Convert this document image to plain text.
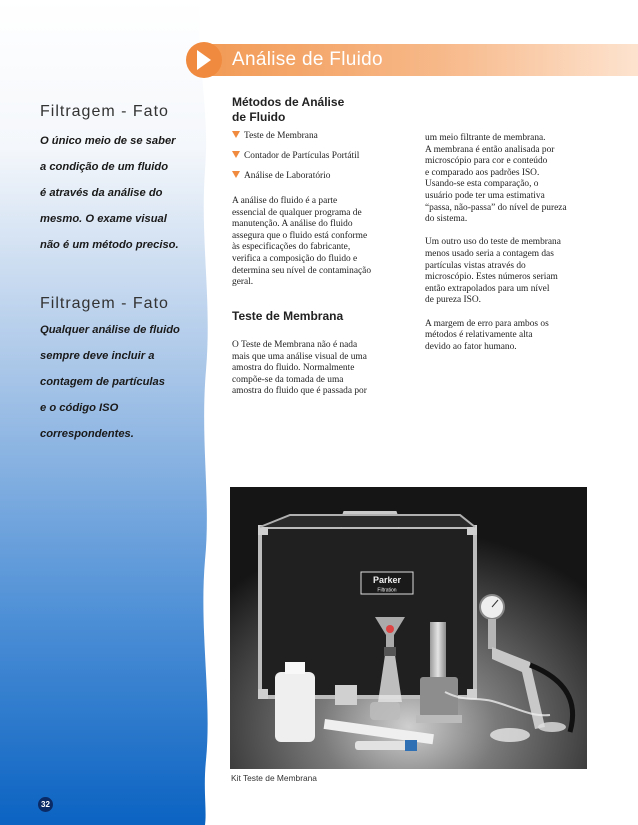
Filtragem - Fato
O único meio de se saber
a condição de um fluido
é através da análise do
mesmo. O exame visual
não é um método preciso.
Filtragem - Fato
Qualquer análise de fluido
sempre deve incluir a
contagem de partículas
e o código ISO
correspondentes.
Análise de Fluido
Métodos de Análise
de Fluido
Teste de Membrana
Contador de Partículas Portátil
Análise de Laboratório
A análise do fluido é a parte
essencial de qualquer programa de
manutenção. A análise do fluido
assegura que o fluido está conforme
às especificações do fabricante,
verifica a composição do fluido e
determina seu nível de contaminação
geral.
Teste de Membrana
O Teste de Membrana não é nada
mais que uma análise visual de uma
amostra do fluido. Normalmente
compõe-se da tomada de uma
amostra do fluido que é passada por
um meio filtrante de membrana.
A membrana é então analisada por
microscópio para cor e conteúdo
e comparado aos padrões ISO.
Usando-se esta comparação, o
usuário pode ter uma estimativa
“passa, não-passa” do nível de pureza
do sistema.
Um outro uso do teste de membrana
menos usado seria a contagem das
partículas vistas através do
microscópio. Estes números seriam
então extrapolados para um nível
de pureza ISO.
A margem de erro para ambos os
métodos é relativamente alta
devido ao fator humano.
Parker
Filtration
Kit Teste de Membrana
32
